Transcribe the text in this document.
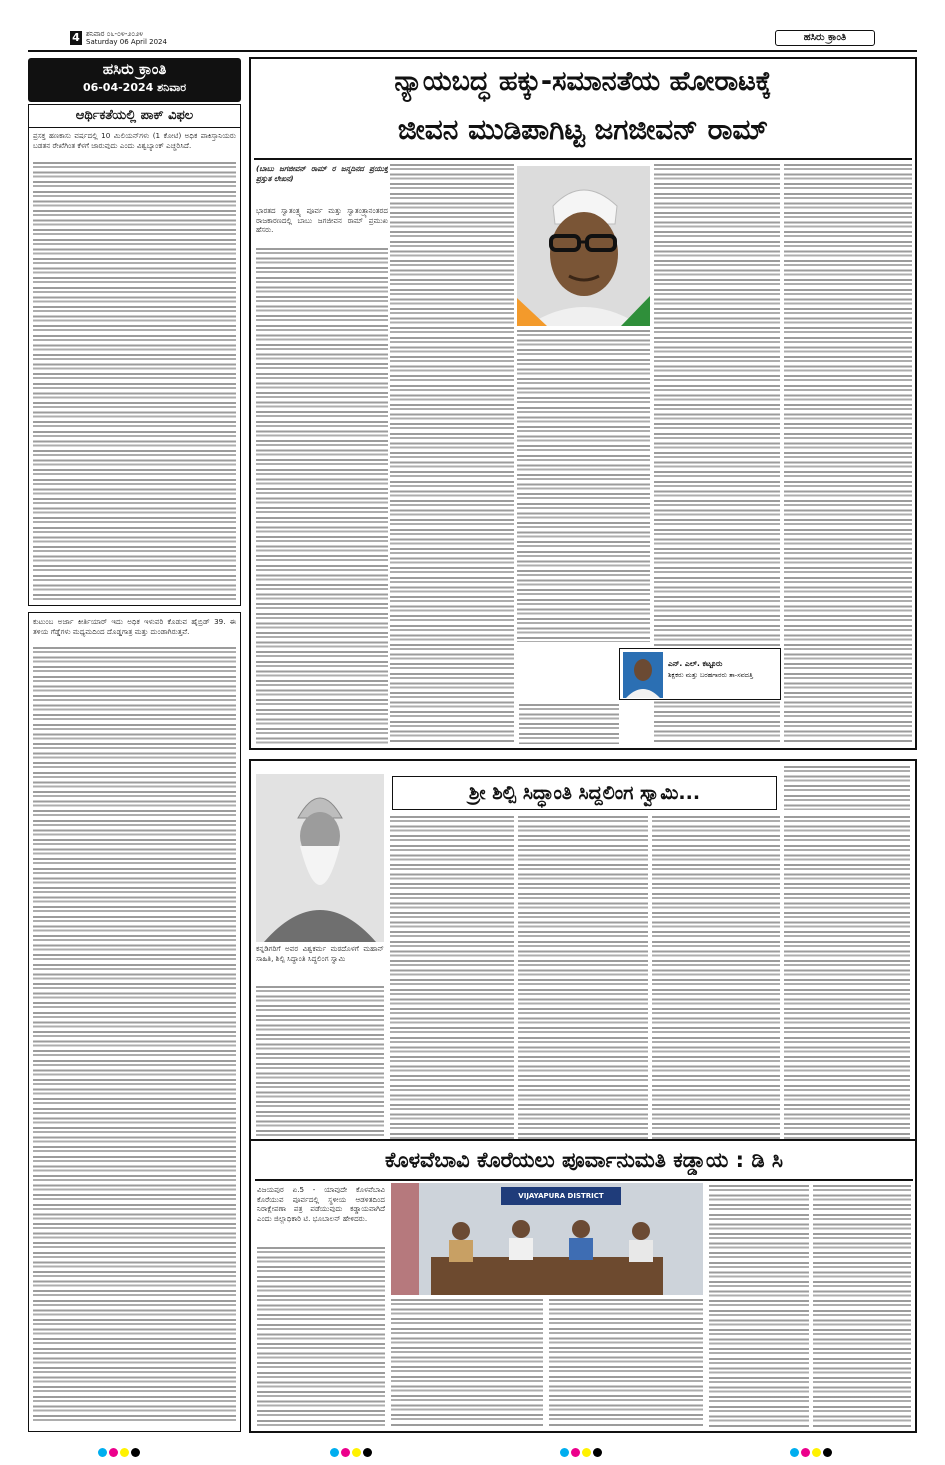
4 ಶನಿವಾರ ೦೬-೦೪-೨೦೨೪
Saturday 06 April 2024	ಹಸಿರು ಕ್ರಾಂತಿ
ಹಸಿರು ಕ್ರಾಂತಿ
06-04-2024 ಶನಿವಾರ
ಆರ್ಥಿಕತೆಯಲ್ಲಿ ಪಾಕ್ ವಿಫಲ
ಪ್ರಸಕ್ತ ಹಣಕಾಸು ವರ್ಷದಲ್ಲಿ 10 ಮಿಲಿಯನ್‌ಗಳು (1 ಕೋಟಿ) ಅಧಿಕ ಪಾಕಿಸ್ತಾನಿಯರು ಬಡತನ ರೇಖೆಗಿಂತ ಕೆಳಗೆ ಜಾರುವುದು ಎಂದು ವಿಶ್ವಬ್ಯಾಂಕ್ ಎಚ್ಚರಿಸಿದೆ.
ಕುಟುಂಬ ಅರ್ಜಾ ಕೀರ್ತಿಯಾರ್ ಇದು ಅಧಿಕ ಇಳುವರಿ ಕೊಡುವ ಹೈಬ್ರಿಡ್ 39. ಈ ತಳಿಯ ಗೆಡ್ಡೆಗಳು ಮಧ್ಯಮದಿಂದ ದೊಡ್ಡಗಾತ್ರ ಮತ್ತು ದುಂಡಾಗಿರುತ್ತವೆ.
ನ್ಯಾಯಬದ್ಧ ಹಕ್ಕು-ಸಮಾನತೆಯ ಹೋರಾಟಕ್ಕೆ
ಜೀವನ ಮುಡಿಪಾಗಿಟ್ಟ ಜಗಜೀವನ್ ರಾಮ್
(ಬಾಬು ಜಗಜೀವನ್ ರಾಮ್ ರ ಜನ್ಮದಿನದ ಪ್ರಯುಕ್ತ ಪ್ರಸ್ತುತ ಲೇಖನ)
ಭಾರತದ ಸ್ವಾತಂತ್ರ್ಯ ಪೂರ್ವ ಮತ್ತು ಸ್ವಾತಂತ್ರ್ಯಾನಂತರದ ರಾಜಕಾರಣದಲ್ಲಿ ಬಾಬು ಜಗಜೀವನ ರಾಮ್ ಪ್ರಮುಖ ಹೆಸರು.
ಎನ್. ಎಲ್. ಕಟ್ಟೂರು
ಶಿಕ್ಷಕರು ಮತ್ತು ಬರಹಗಾರರು ತಾ-ಸವದತ್ತಿ
ಶ್ರೀ ಶಿಲ್ಪಿ ಸಿದ್ಧಾಂತಿ ಸಿದ್ದಲಿಂಗ ಸ್ವಾಮಿ...
ಕನ್ನಡಿಗರಿಗೆ ಅವರ ವಿಶ್ವಕರ್ಮ ಮಠದೊಳಗೆ ಮಹಾನ್ ಸಾಹಿತಿ, ಶಿಲ್ಪಿ ಸಿದ್ಧಾಂತಿ ಸಿದ್ಧಲಿಂಗ ಸ್ವಾಮಿ
ಕೊಳವೆಬಾವಿ ಕೊರೆಯಲು ಪೂರ್ವಾನುಮತಿ ಕಡ್ಡಾಯ : ಡಿ ಸಿ
ವಿಜಯಪುರ ಏ.5 - ಯಾವುದೇ ಕೊಳವೆಬಾವಿ ಕೊರೆಯುವ ಪೂರ್ವದಲ್ಲಿ ಸ್ಥಳೀಯ ಆಡಳಿತದಿಂದ ನಿರಾಕ್ಷೇಪಣಾ ಪತ್ರ ಪಡೆಯುವುದು ಕಡ್ಡಾಯವಾಗಿದೆ ಎಂದು ಜಿಲ್ಲಾಧಿಕಾರಿ ಟಿ. ಭೂಬಾಲನ್ ಹೇಳಿದರು.
VIJAYAPURA DISTRICT
